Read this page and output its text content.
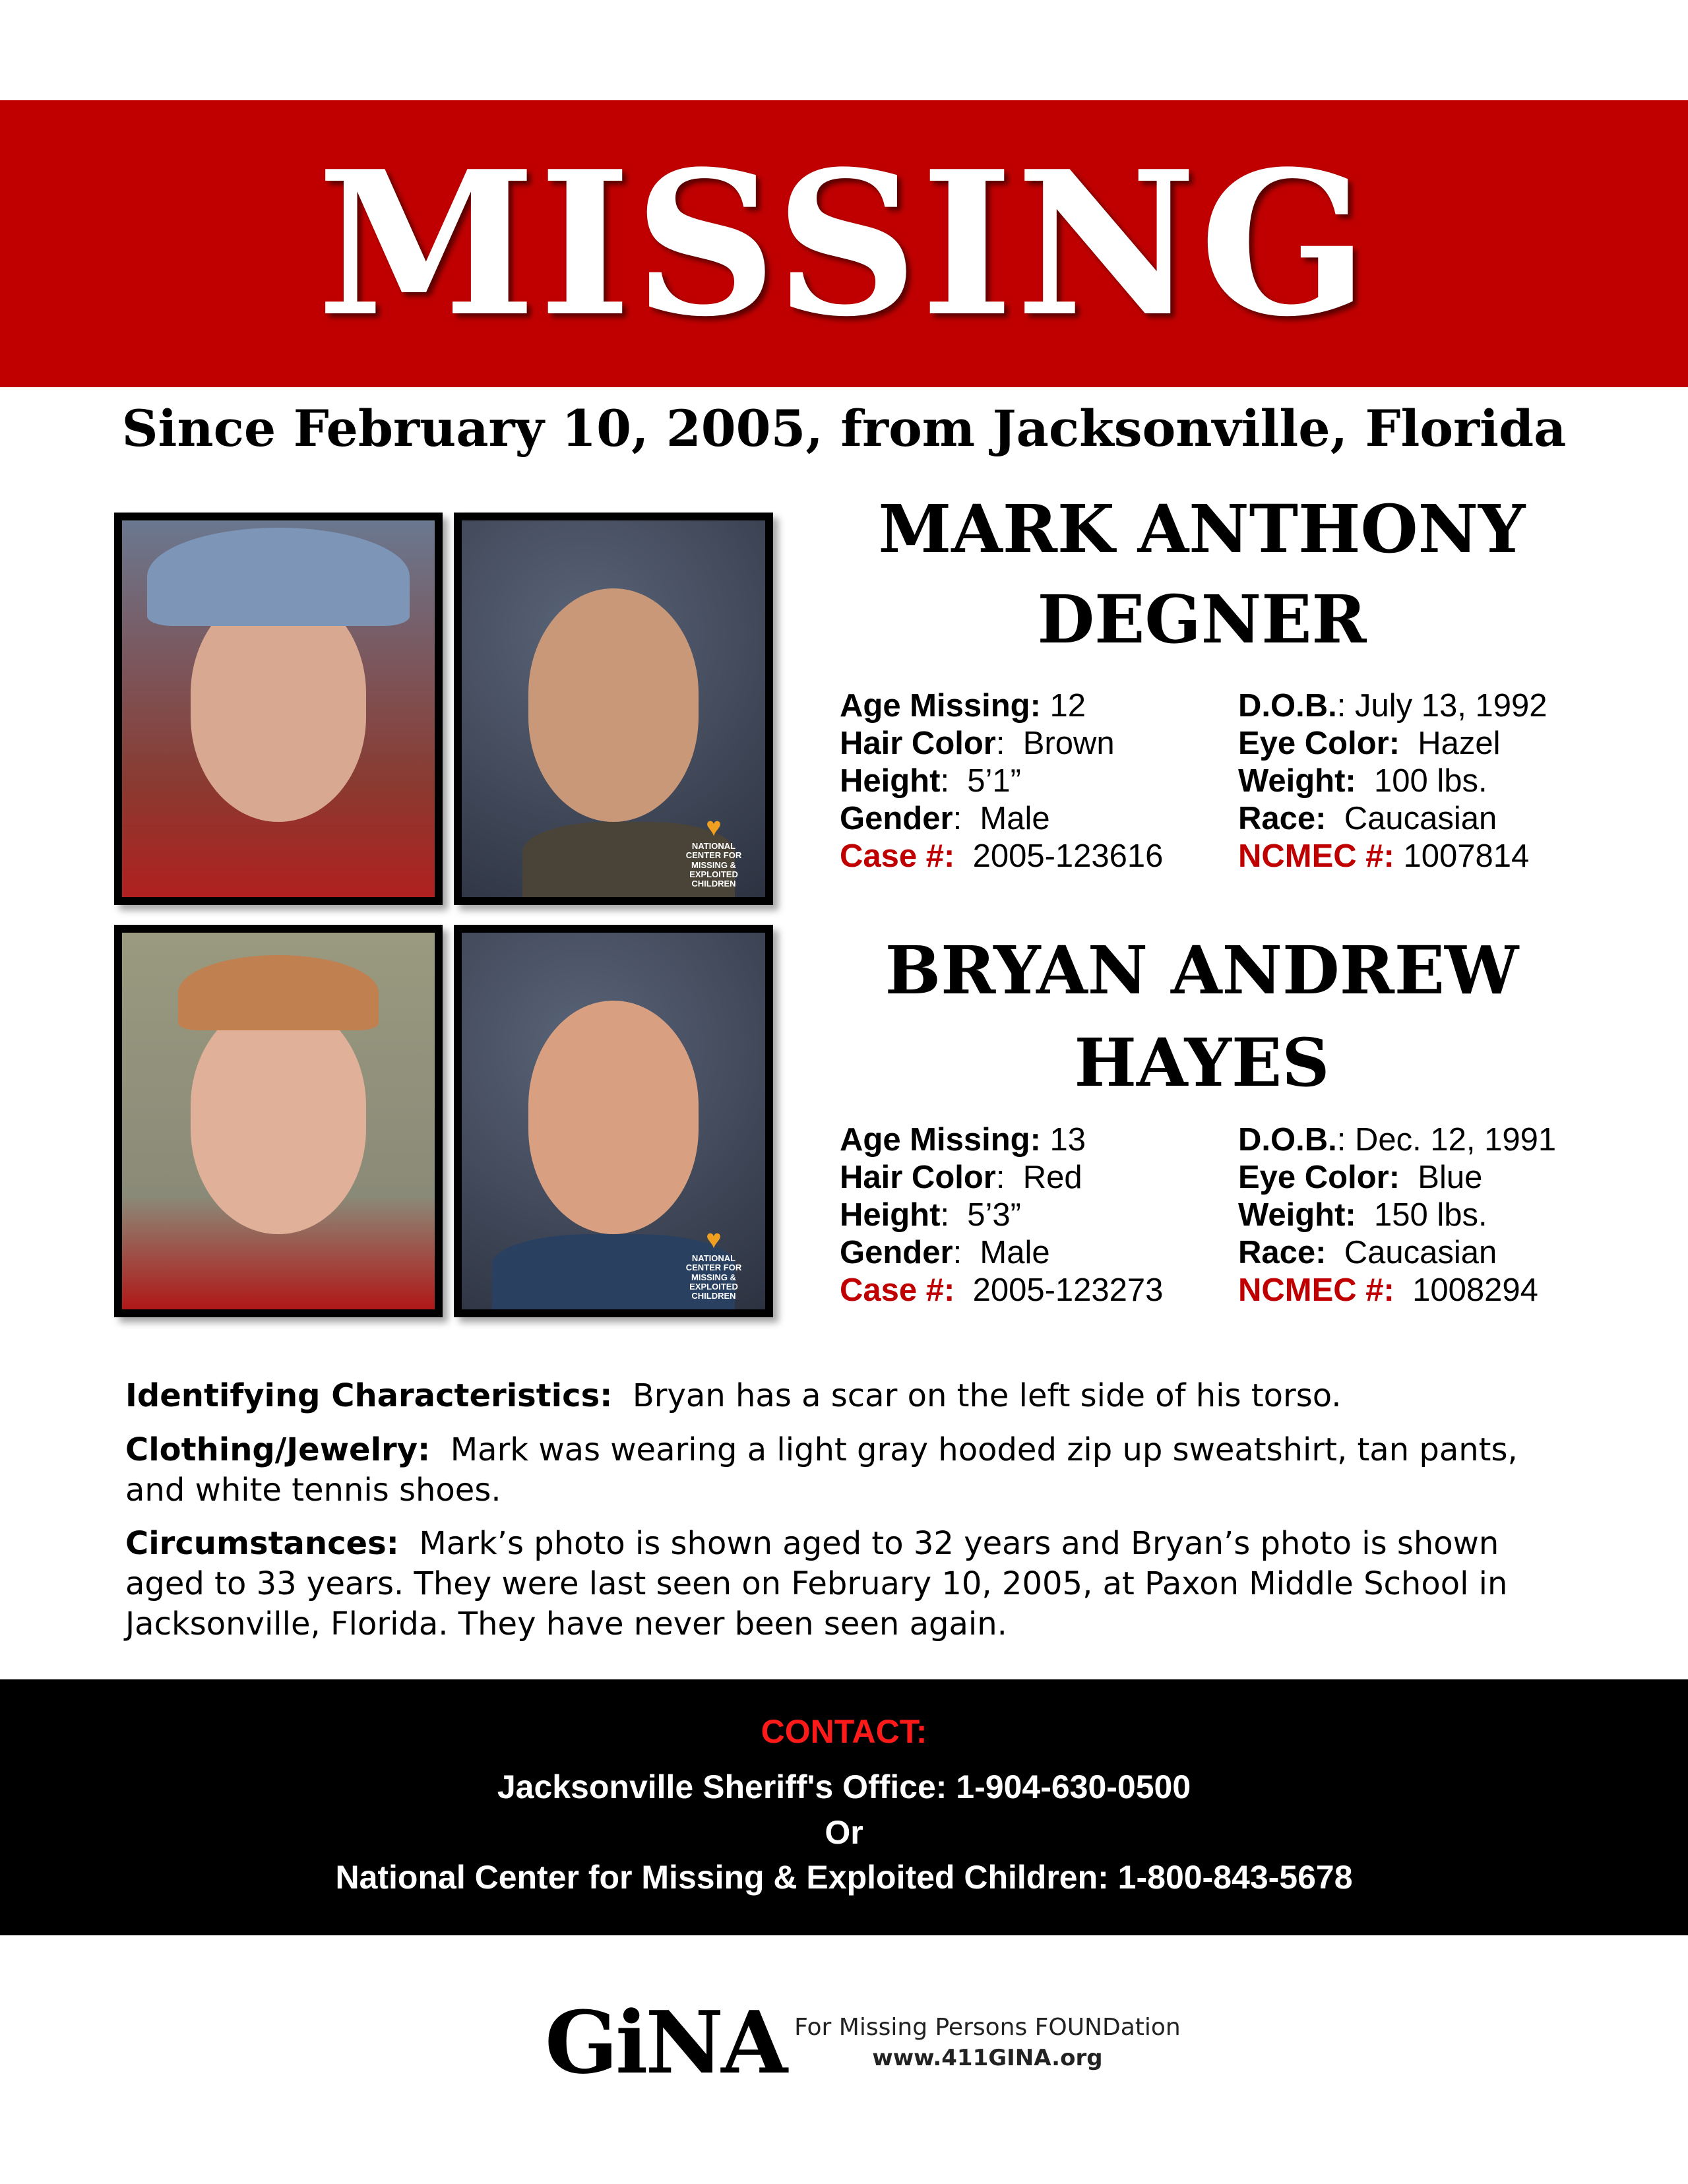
MISSING
Since February 10, 2005, from Jacksonville, Florida
♥
NATIONAL CENTER FOR MISSING & EXPLOITED CHILDREN
♥
NATIONAL CENTER FOR MISSING & EXPLOITED CHILDREN
MARK ANTHONY
DEGNER
Age Missing: 12
Hair Color: Brown
Height: 5’1”
Gender: Male
Case #: 2005-123616
D.O.B.: July 13, 1992
Eye Color: Hazel
Weight: 100 lbs.
Race: Caucasian
NCMEC #: 1007814
BRYAN ANDREW
HAYES
Age Missing: 13
Hair Color: Red
Height: 5’3”
Gender: Male
Case #: 2005-123273
D.O.B.: Dec. 12, 1991
Eye Color: Blue
Weight: 150 lbs.
Race: Caucasian
NCMEC #: 1008294
Identifying Characteristics: Bryan has a scar on the left side of his torso.
Clothing/Jewelry: Mark was wearing a light gray hooded zip up sweatshirt, tan pants, and white tennis shoes.
Circumstances: Mark’s photo is shown aged to 32 years and Bryan’s photo is shown aged to 33 years. They were last seen on February 10, 2005, at Paxon Middle School in Jacksonville, Florida. They have never been seen again.
CONTACT:
Jacksonville Sheriff's Office: 1-904-630-0500
Or
National Center for Missing & Exploited Children: 1-800-843-5678
GiNA For Missing Persons FOUNDation
www.411GINA.org
